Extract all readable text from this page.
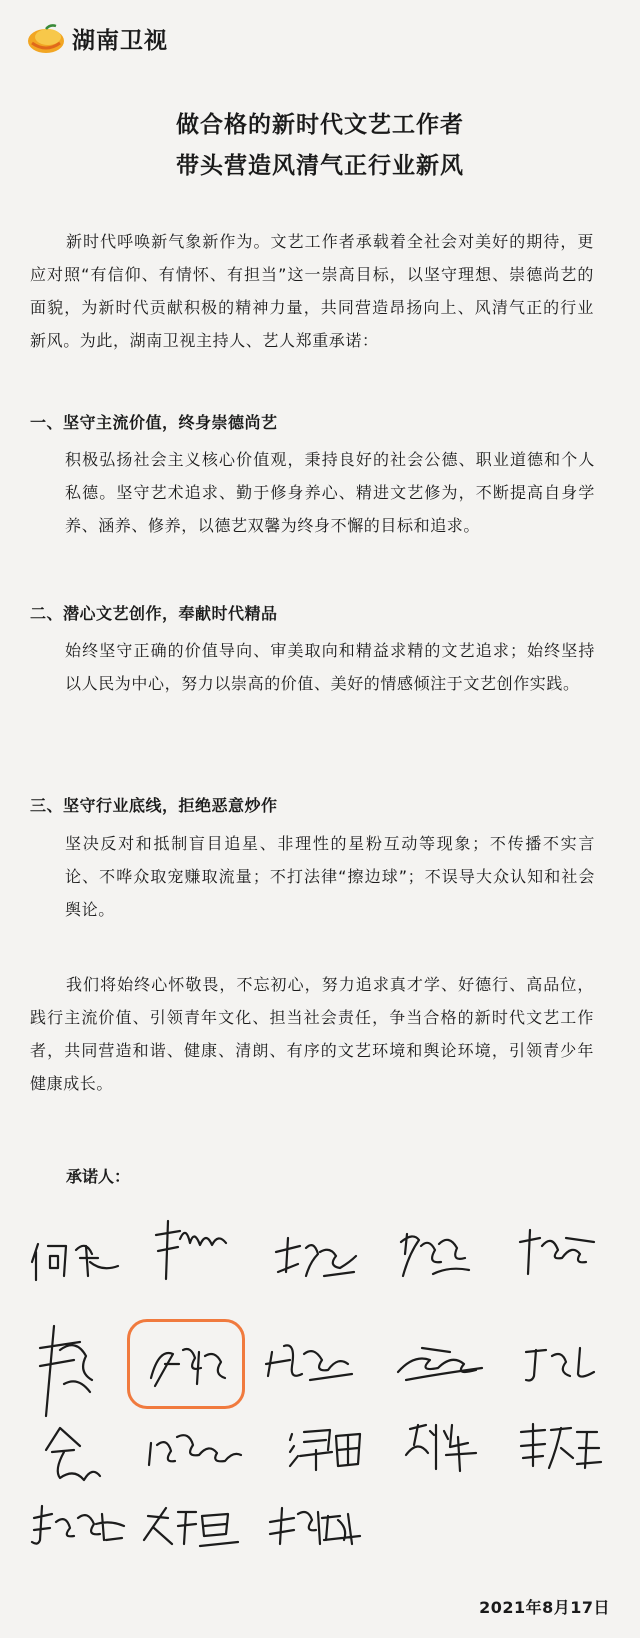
湖南卫视
做合格的新时代文艺工作者
带头营造风清气正行业新风
新时代呼唤新气象新作为。文艺工作者承载着全社会对美好的期待，更应对照“有信仰、有情怀、有担当”这一崇高目标，以坚守理想、崇德尚艺的面貌，为新时代贡献积极的精神力量，共同营造昂扬向上、风清气正的行业新风。为此，湖南卫视主持人、艺人郑重承诺：
一、坚守主流价值，终身崇德尚艺
积极弘扬社会主义核心价值观，秉持良好的社会公德、职业道德和个人私德。坚守艺术追求、勤于修身养心、精进文艺修为，不断提高自身学养、涵养、修养，以德艺双馨为终身不懈的目标和追求。
二、潜心文艺创作，奉献时代精品
始终坚守正确的价值导向、审美取向和精益求精的文艺追求；始终坚持以人民为中心，努力以崇高的价值、美好的情感倾注于文艺创作实践。
三、坚守行业底线，拒绝恶意炒作
坚决反对和抵制盲目追星、非理性的星粉互动等现象；不传播不实言论、不哗众取宠赚取流量；不打法律“擦边球”；不误导大众认知和社会舆论。
我们将始终心怀敬畏，不忘初心，努力追求真才学、好德行、高品位，践行主流价值、引领青年文化、担当社会责任，争当合格的新时代文艺工作者，共同营造和谐、健康、清朗、有序的文艺环境和舆论环境，引领青少年健康成长。
承诺人：
2021年8月17日
